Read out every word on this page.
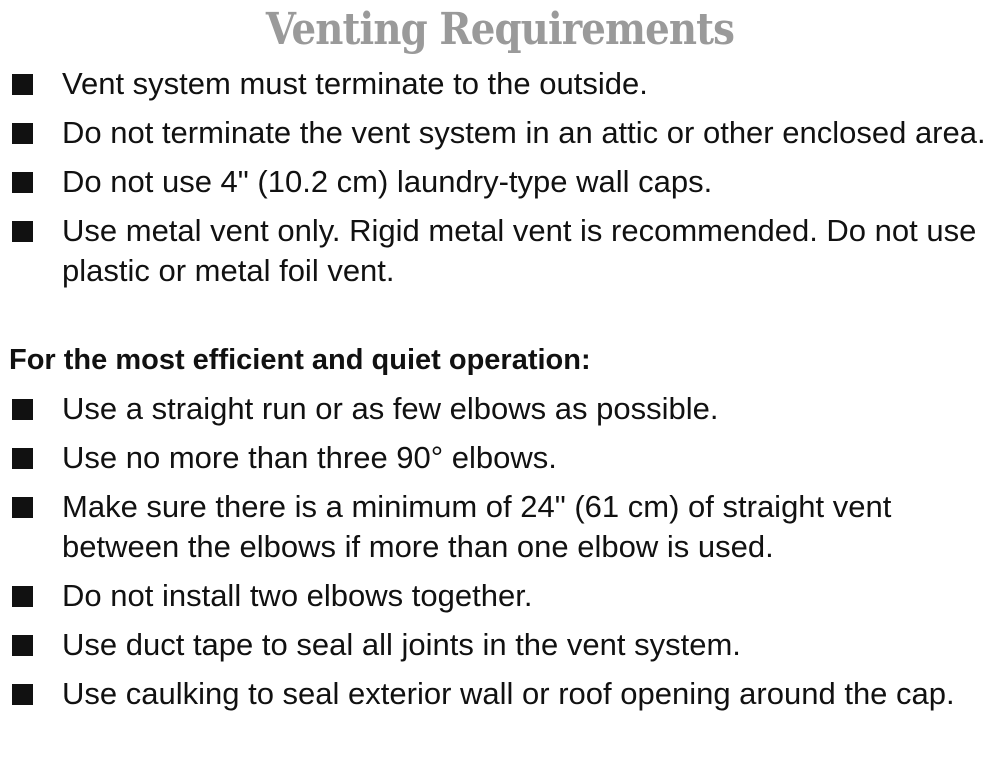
Venting Requirements
Vent system must terminate to the outside.
Do not terminate the vent system in an attic or other enclosed area.
Do not use 4" (10.2 cm) laundry-type wall caps.
Use metal vent only. Rigid metal vent is recommended. Do not use plastic or metal foil vent.
For the most efficient and quiet operation:
Use a straight run or as few elbows as possible.
Use no more than three 90° elbows.
Make sure there is a minimum of 24" (61 cm) of straight vent between the elbows if more than one elbow is used.
Do not install two elbows together.
Use duct tape to seal all joints in the vent system.
Use caulking to seal exterior wall or roof opening around the cap.
